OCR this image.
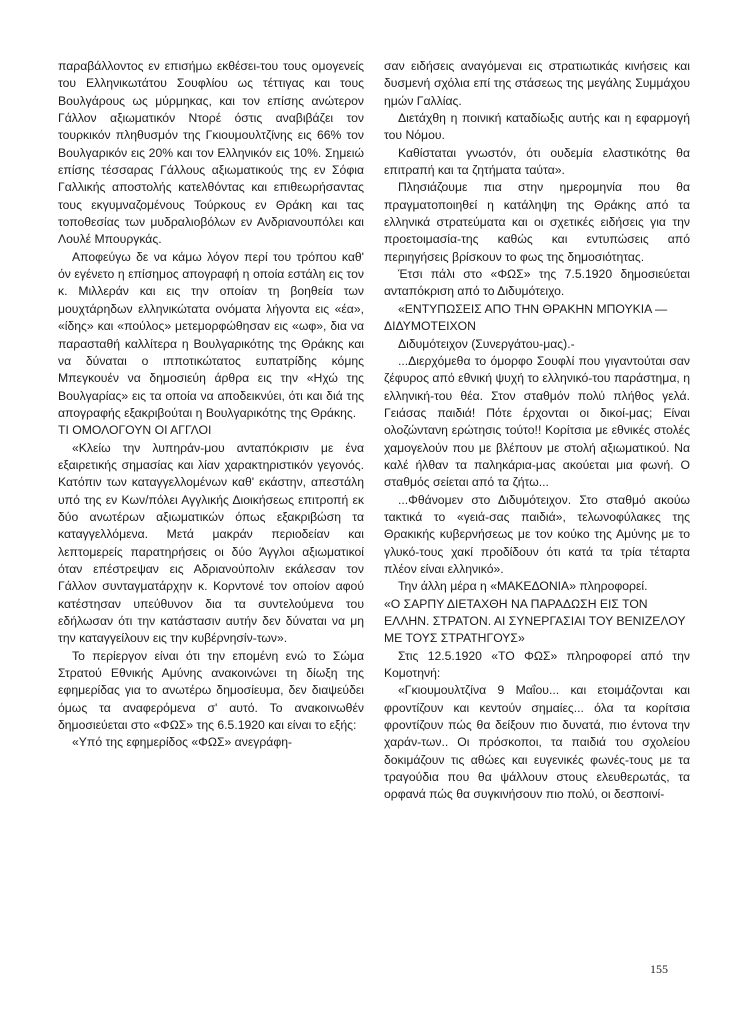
παραβάλλοντος εν επισήμω εκθέσει-του τους ομογενείς του Ελληνικωτάτου Σουφλίου ως τέττιγας και τους Βουλγάρους ως μύρμηκας, και τον επίσης ανώτερον Γάλλον αξιωματικόν Ντορέ όστις αναβιβάζει τον τουρκικόν πληθυσμόν της Γκιουμουλτζίνης εις 66% τον Βουλγαρικόν εις 20% και τον Ελληνικόν εις 10%. Σημειώ επίσης τέσσαρας Γάλλους αξιωματικούς της εν Σόφια Γαλλικής αποστολής κατελθόντας και επιθεωρήσαντας τους εκγυμναζομένους Τούρκους εν Θράκη και τας τοποθεσίας των μυδραλιοβόλων εν Ανδριανουπόλει και Λουλέ Μπουργκάς.

Αποφεύγω δε να κάμω λόγον περί του τρόπου καθ' όν εγένετο η επίσημος απογραφή η οποία εστάλη εις τον κ. Μιλλεράν και εις την οποίαν τη βοηθεία των μουχτάρηδων ελληνικώτατα ονόματα λήγοντα εις «έα», «ίδης» και «πούλος» μετεμορφώθησαν εις «ωφ», δια να παρασταθή καλλίτερα η Βουλγαρικότης της Θράκης και να δύναται ο ιπποτικώτατος ευπατρίδης κόμης Μπεγκουέν να δημοσιεύη άρθρα εις την «Ηχώ της Βουλγαρίας» εις τα οποία να αποδεικνύει, ότι και διά της απογραφής εξακριβούται η Βουλγαρικότης της Θράκης.

ΤΙ ΟΜΟΛΟΓΟΥΝ ΟΙ ΑΓΓΛΟΙ

«Κλείω την λυπηράν-μου ανταπόκρισιν με ένα εξαιρετικής σημασίας και λίαν χαρακτηριστικόν γεγονός. Κατόπιν των καταγγελλομένων καθ' εκάστην, απεστάλη υπό της εν Κων/πόλει Αγγλικής Διοικήσεως επιτροπή εκ δύο ανωτέρων αξιωματικών όπως εξακριβώση τα καταγγελλόμενα. Μετά μακράν περιοδείαν και λεπτομερείς παρατηρήσεις οι δύο Άγγλοι αξιωματικοί όταν επέστρεψαν εις Αδριανούπολιν εκάλεσαν τον Γάλλον συνταγματάρχην κ. Κορντονέ τον οποίον αφού κατέστησαν υπεύθυνον δια τα συντελούμενα του εδήλωσαν ότι την κατάστασιν αυτήν δεν δύναται να μη την καταγγείλουν εις την κυβέρνησίν-των».

Το περίεργον είναι ότι την επομένη ενώ το Σώμα Στρατού Εθνικής Αμύνης ανακοινώνει τη δίωξη της εφημερίδας για το ανωτέρω δημοσίευμα, δεν διαψεύδει όμως τα αναφερόμενα σ' αυτό. Το ανακοινωθέν δημοσιεύεται στο «ΦΩΣ» της 6.5.1920 και είναι το εξής:

«Υπό της εφημερίδος «ΦΩΣ» ανεγράφη-

σαν ειδήσεις αναγόμεναι εις στρατιωτικάς κινήσεις και δυσμενή σχόλια επί της στάσεως της μεγάλης Συμμάχου ημών Γαλλίας.

Διετάχθη η ποινική καταδίωξις αυτής και η εφαρμογή του Νόμου.

Καθίσταται γνωστόν, ότι ουδεμία ελαστικότης θα επιτραπή και τα ζητήματα ταύτα».

Πλησιάζουμε πια στην ημερομηνία που θα πραγματοποιηθεί η κατάληψη της Θράκης από τα ελληνικά στρατεύματα και οι σχετικές ειδήσεις για την προετοιμασία-της καθώς και εντυπώσεις από περιηγήσεις βρίσκουν το φως της δημοσιότητας.

Έτσι πάλι στο «ΦΩΣ» της 7.5.1920 δημοσιεύεται ανταπόκριση από το Διδυμότειχο.

«ΕΝΤΥΠΩΣΕΙΣ ΑΠΟ ΤΗΝ ΘΡΑΚΗΝ ΜΠΟΥΚΙΑ — ΔΙΔΥΜΟΤΕΙΧΟΝ

Διδυμότειχον (Συνεργάτου-μας).-

...Διερχόμεθα το όμορφο Σουφλί που γιγαντούται σαν ζέφυρος από εθνική ψυχή το ελληνικό-του παράστημα, η ελληνική-του θέα. Στον σταθμόν πολύ πλήθος γελά. Γειάσας παιδιά! Πότε έρχονται οι δικοί-μας; Είναι ολοζώντανη ερώτησις τούτο!! Κορίτσια με εθνικές στολές χαμογελούν που με βλέπουν με στολή αξιωματικού. Να καλέ ήλθαν τα παληκάρια-μας ακούεται μια φωνή. Ο σταθμός σείεται από τα ζήτω...

...Φθάνομεν στο Διδυμότειχον. Στο σταθμό ακούω τακτικά το «γειά-σας παιδιά», τελωνοφύλακες της Θρακικής κυβερνήσεως με τον κούκο της Αμύνης με το γλυκό-τους χακί προδίδουν ότι κατά τα τρία τέταρτα πλέον είναι ελληνικό».

Την άλλη μέρα η «ΜΑΚΕΔΟΝΙΑ» πληροφορεί.

«Ο ΣΑΡΠΥ ΔΙΕΤΑΧΘΗ ΝΑ ΠΑΡΑΔΩΣΗ ΕΙΣ ΤΟΝ ΕΛΛΗΝ. ΣΤΡΑΤΟΝ. ΑΙ ΣΥΝΕΡΓΑΣΙΑΙ ΤΟΥ ΒΕΝΙΖΕΛΟΥ ΜΕ ΤΟΥΣ ΣΤΡΑΤΗΓΟΥΣ»

Στις 12.5.1920 «ΤΟ ΦΩΣ» πληροφορεί από την Κομοτηνή:

«Γκιουμουλτζίνα 9 Μαΐου... και ετοιμάζονται και φροντίζουν και κεντούν σημαίες... όλα τα κορίτσια φροντίζουν πώς θα δείξουν πιο δυνατά, πιο έντονα την χαράν-των.. Οι πρόσκοποι, τα παιδιά του σχολείου δοκιμάζουν τις αθώες και ευγενικές φωνές-τους με τα τραγούδια που θα ψάλλουν στους ελευθερωτάς, τα ορφανά πώς θα συγκινήσουν πιο πολύ, οι δεσποινί-

155
